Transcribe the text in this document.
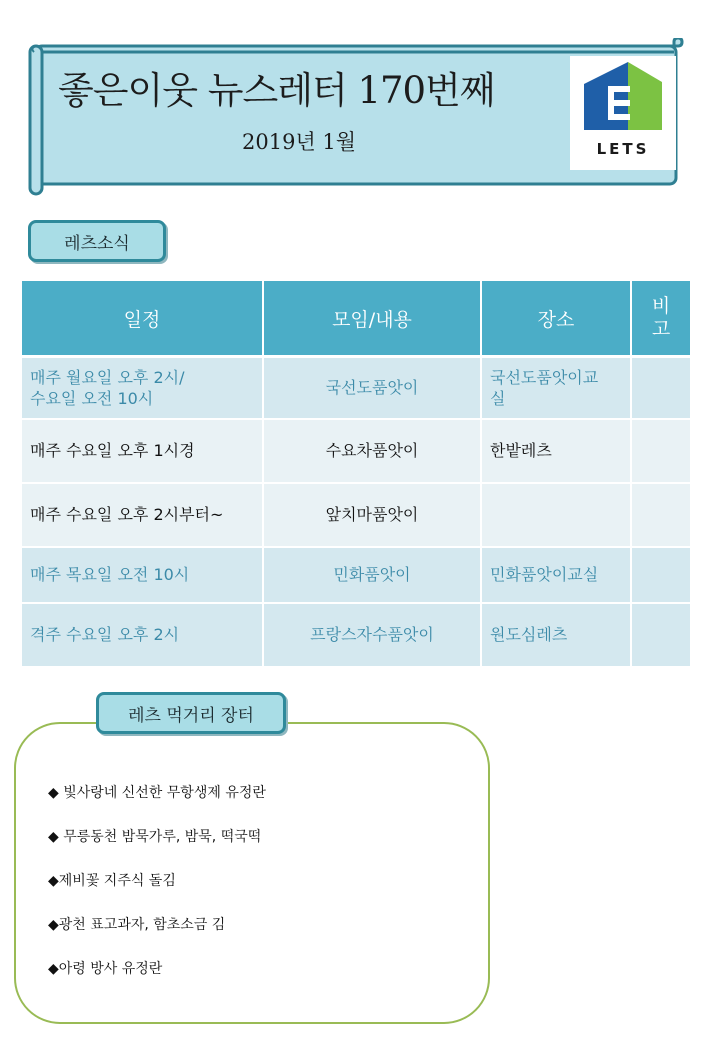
좋은이웃 뉴스레터 170번째
2019년 1월	LETS
레츠소식
일정	모임/내용	장소	비
고
매주 월요일 오후 2시/
수요일 오전 10시	국선도품앗이	국선도품앗이교
실	
매주 수요일 오후 1시경	수요차품앗이	한밭레츠	
매주 수요일 오후 2시부터~	앞치마품앗이		
매주 목요일 오전 10시	민화품앗이	민화품앗이교실	
격주 수요일 오후 2시	프랑스자수품앗이	원도심레츠	
레츠 먹거리 장터
◆ 빛사랑네 신선한 무항생제 유정란
◆ 무릉동천 밤묵가루, 밤묵, 떡국떡
◆제비꽃 지주식 돌김
◆광천 표고과자, 함초소금 김
◆아령 방사 유정란
